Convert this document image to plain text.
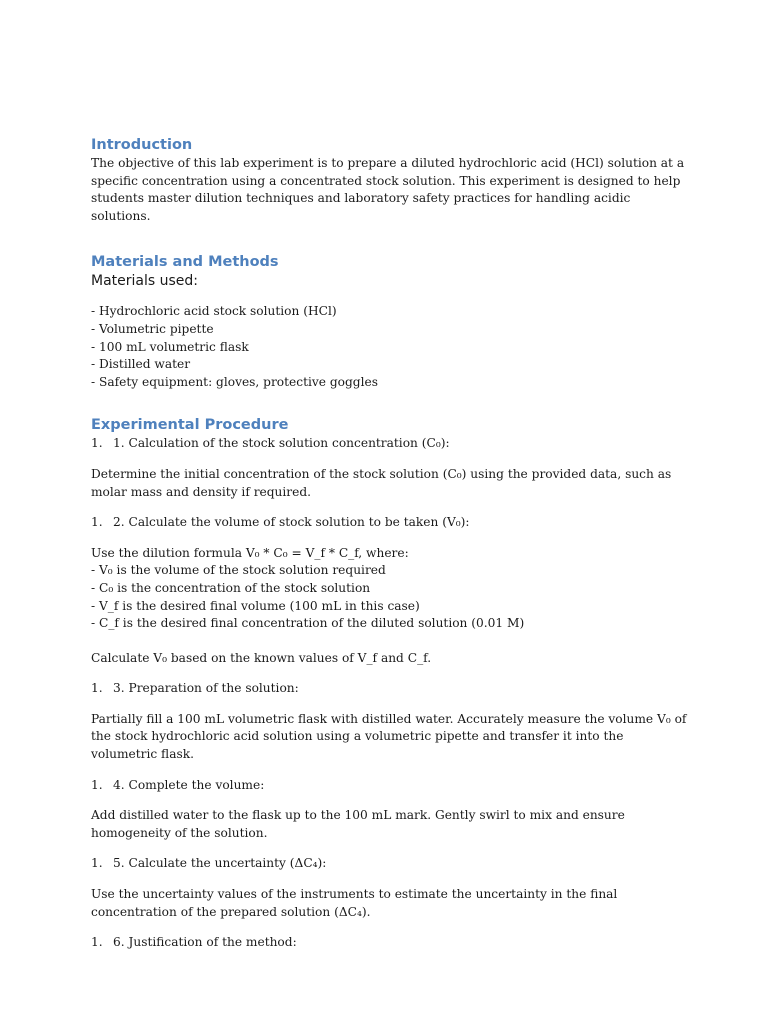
Introduction

The objective of this lab experiment is to prepare a diluted hydrochloric acid (HCl) solution at a specific concentration using a concentrated stock solution. This experiment is designed to help students master dilution techniques and laboratory safety practices for handling acidic solutions.

Materials and Methods

Materials used:

- Hydrochloric acid stock solution (HCl)

- Volumetric pipette

- 100 mL volumetric flask

- Distilled water

- Safety equipment: gloves, protective goggles

Experimental Procedure

1. 1. Calculation of the stock solution concentration (C₀):

Determine the initial concentration of the stock solution (C₀) using the provided data, such as molar mass and density if required.

1. 2. Calculate the volume of stock solution to be taken (V₀):

Use the dilution formula V₀ * C₀ = V_f * C_f, where:

- V₀ is the volume of the stock solution required

- C₀ is the concentration of the stock solution

- V_f is the desired final volume (100 mL in this case)

- C_f is the desired final concentration of the diluted solution (0.01 M)

Calculate V₀ based on the known values of V_f and C_f.

1. 3. Preparation of the solution:

Partially fill a 100 mL volumetric flask with distilled water. Accurately measure the volume V₀ of the stock hydrochloric acid solution using a volumetric pipette and transfer it into the volumetric flask.

1. 4. Complete the volume:

Add distilled water to the flask up to the 100 mL mark. Gently swirl to mix and ensure homogeneity of the solution.

1. 5. Calculate the uncertainty (ΔC₄):

Use the uncertainty values of the instruments to estimate the uncertainty in the final concentration of the prepared solution (ΔC₄).

1. 6. Justification of the method:
